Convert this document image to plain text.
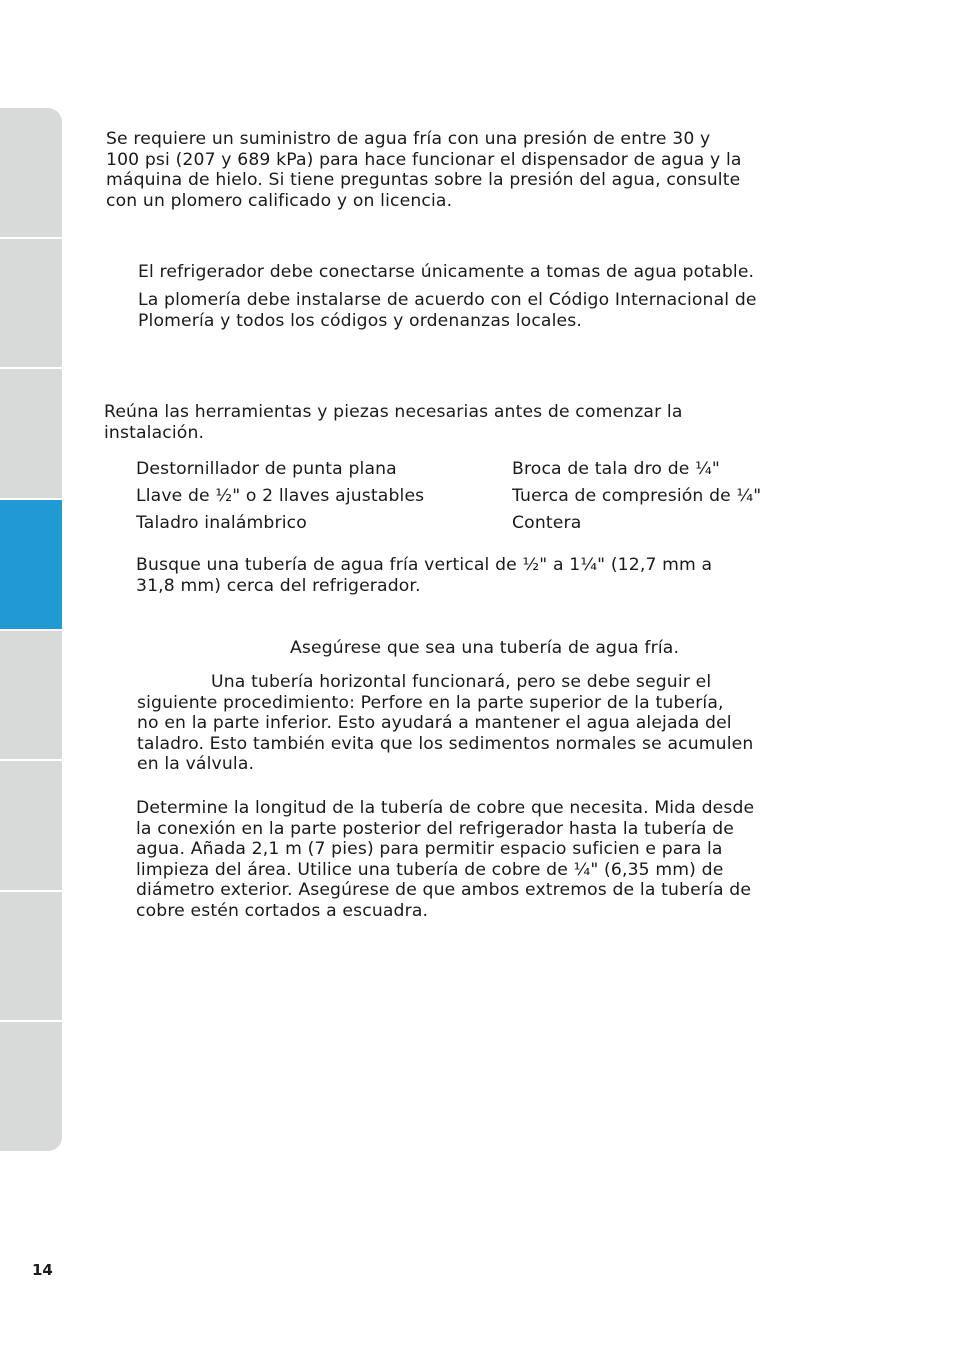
Se requiere un suministro de agua fría con una presión de entre 30 y
100 psi (207 y 689 kPa) para hace funcionar el dispensador de agua y la
máquina de hielo. Si tiene preguntas sobre la presión del agua, consulte
con un plomero calificado y on licencia.

El refrigerador debe conectarse únicamente a tomas de agua potable.

La plomería debe instalarse de acuerdo con el Código Internacional de
Plomería y todos los códigos y ordenanzas locales.

Reúna las herramientas y piezas necesarias antes de comenzar la
instalación.

Destornillador de punta plana

Llave de ½" o 2 llaves ajustables

Taladro inalámbrico

Broca de tala dro de ¼"

Tuerca de compresión de ¼"

Contera

Busque una tubería de agua fría vertical de ½" a 1¼" (12,7 mm a
31,8 mm) cerca del refrigerador.

Asegúrese que sea una tubería de agua fría.

Una tubería horizontal funcionará, pero se debe seguir el
siguiente procedimiento: Perfore en la parte superior de la tubería,
no en la parte inferior. Esto ayudará a mantener el agua alejada del
taladro. Esto también evita que los sedimentos normales se acumulen
en la válvula.

Determine la longitud de la tubería de cobre que necesita. Mida desde
la conexión en la parte posterior del refrigerador hasta la tubería de
agua. Añada 2,1 m (7 pies) para permitir espacio suficien e para la
limpieza del área. Utilice una tubería de cobre de ¼" (6,35 mm) de
diámetro exterior. Asegúrese de que ambos extremos de la tubería de
cobre estén cortados a escuadra.

14
